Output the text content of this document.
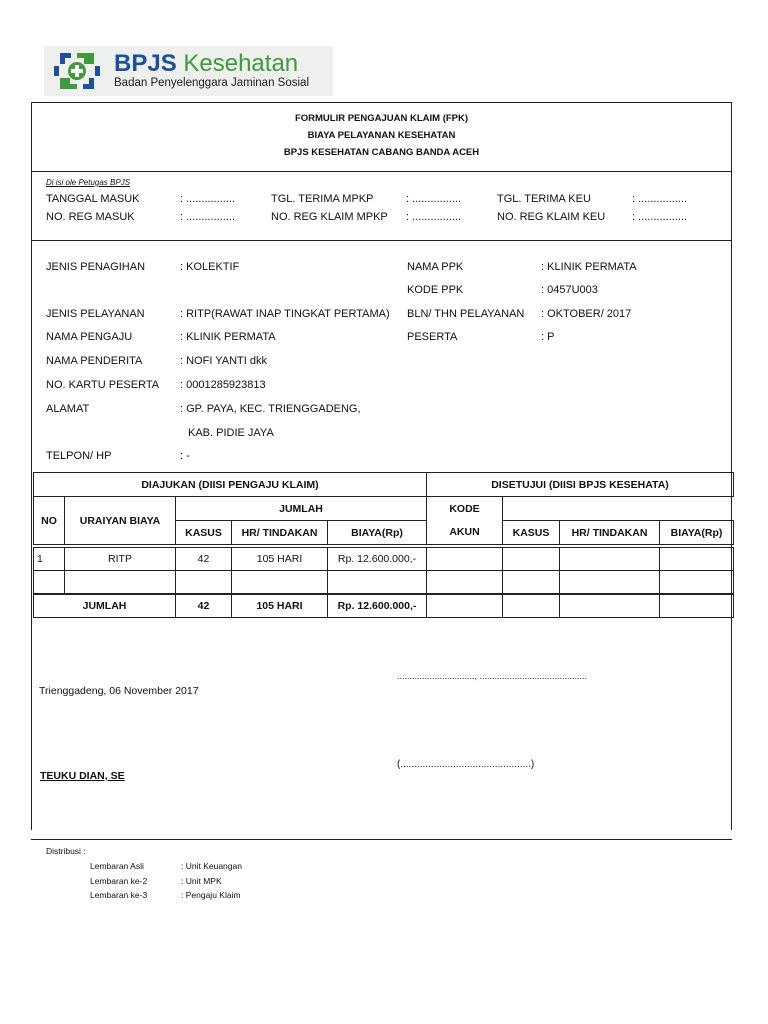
BPJS Kesehatan
Badan Penyelenggara Jaminan Sosial
FORMULIR PENGAJUAN KLAIM (FPK)
BIAYA PELAYANAN KESEHATAN
BPJS KESEHATAN CABANG BANDA ACEH
Di isi ole Petugas BPJS
TANGGAL MASUK	: ................	TGL. TERIMA MPKP	: ................	TGL. TERIMA KEU	: ................
NO. REG MASUK	: ................	NO. REG KLAIM MPKP : ................	NO. REG KLAIM KEU : ................
JENIS PENAGIHAN	: KOLEKTIF
JENIS PELAYANAN	: RITP(RAWAT INAP TINGKAT PERTAMA)
NAMA PENGAJU	: KLINIK PERMATA
NAMA PENDERITA	: NOFI YANTI dkk
NO. KARTU PESERTA : 0001285923813
ALAMAT	: GP. PAYA, KEC. TRIENGGADENG,
KAB. PIDIE JAYA
TELPON/ HP	: -
NAMA PPK	: KLINIK PERMATA
KODE PPK	: 0457U003
BLN/ THN PELAYANAN : OKTOBER/ 2017
PESERTA	: P
DIAJUKAN (DIISI PENGAJU KLAIM)					DISETUJUI (DIISI BPJS KESEHATA)			
NO	URAIYAN BIAYA	JUMLAH			KODE			
		KASUS	HR/ TINDAKAN	BIAYA(Rp)	AKUN	KASUS	HR/ TINDAKAN	BIAYA(Rp)

1	RITP	42	105 HARI	Rp. 12.600.000,-				

JUMLAH		42	105 HARI	Rp. 12.600.000,-				
Trienggadeng, 06 November 2017
..............................., ...........................................
TEUKU DIAN, SE
(...............................................)
Distribusi :
Lembaran Asli	: Unit Keuangan
Lembaran ke-2	: Unit MPK
Lembaran ke-3	: Pengaju Klaim
